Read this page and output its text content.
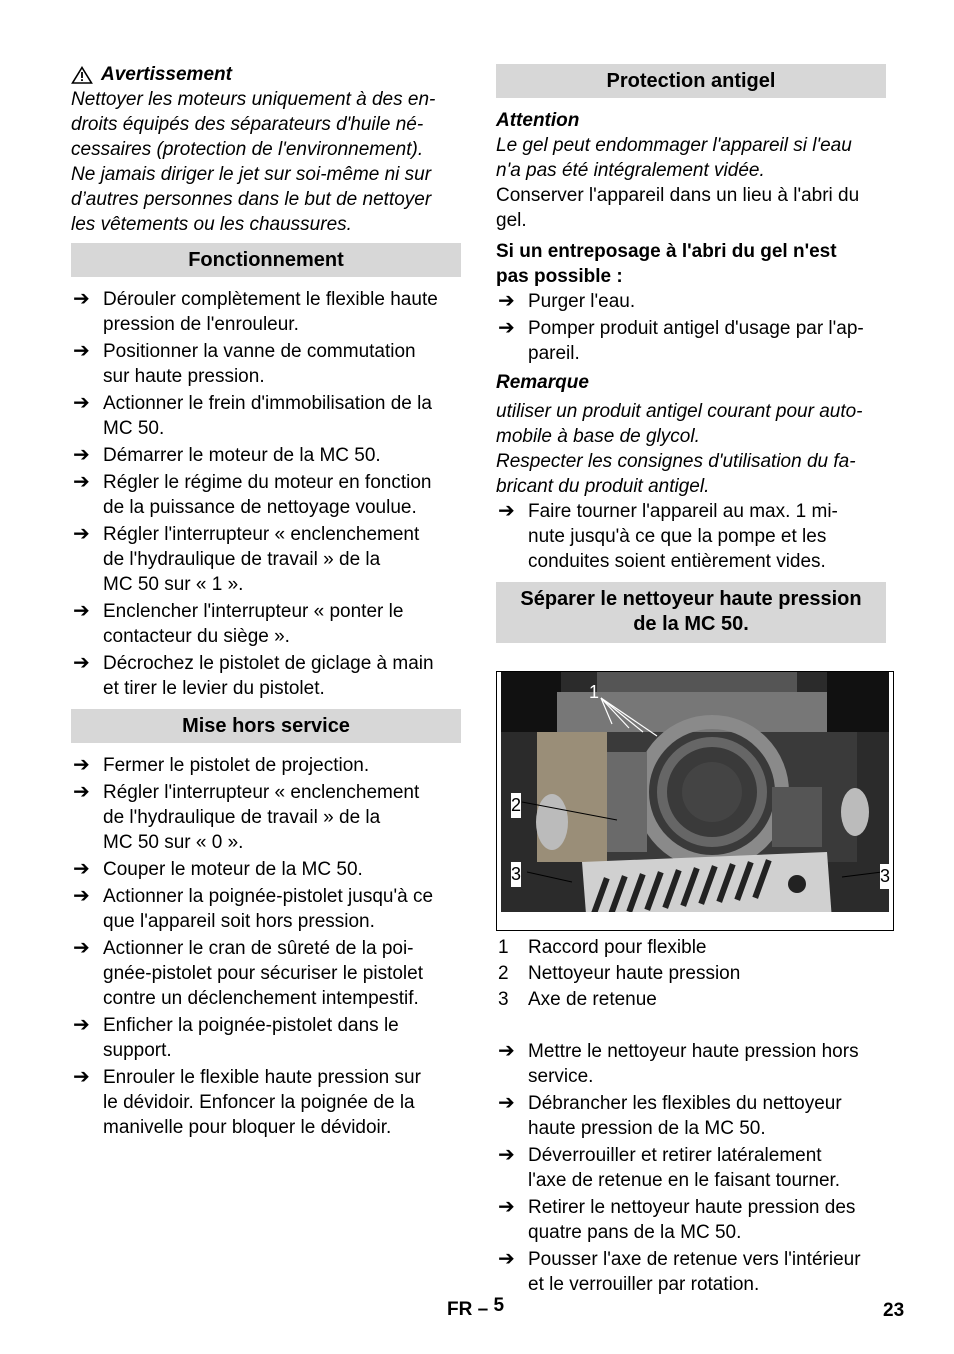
Avertissement
Nettoyer les moteurs uniquement à des en-
droits équipés des séparateurs d'huile né-
cessaires (protection de l'environnement).
Ne jamais diriger le jet sur soi-même ni sur
d’autres personnes dans le but de nettoyer
les vêtements ou les chaussures.
Fonctionnement
➔ Dérouler complètement le flexible haute
pression de l'enrouleur.
➔ Positionner la vanne de commutation
sur haute pression.
➔ Actionner le frein d'immobilisation de la
MC 50.
➔ Démarrer le moteur de la MC 50.
➔ Régler le régime du moteur en fonction
de la puissance de nettoyage voulue.
➔ Régler l'interrupteur « enclenchement
de l'hydraulique de travail » de la
MC 50 sur « 1 ».
➔ Enclencher l'interrupteur « ponter le
contacteur du siège ».
➔ Décrochez le pistolet de giclage à main
et tirer le levier du pistolet.
Mise hors service
➔ Fermer le pistolet de projection.
➔ Régler l'interrupteur « enclenchement
de l'hydraulique de travail » de la
MC 50 sur « 0 ».
➔ Couper le moteur de la MC 50.
➔ Actionner la poignée-pistolet jusqu'à ce
que l'appareil soit hors pression.
➔ Actionner le cran de sûreté de la poi-
gnée-pistolet pour sécuriser le pistolet
contre un déclenchement intempestif.
➔ Enficher la poignée-pistolet dans le
support.
➔ Enrouler le flexible haute pression sur
le dévidoir. Enfoncer la poignée de la
manivelle pour bloquer le dévidoir.
Protection antigel
Attention
Le gel peut endommager l'appareil si l'eau
n'a pas été intégralement vidée.
Conserver l'appareil dans un lieu à l'abri du
gel.
Si un entreposage à l'abri du gel n'est
pas possible :
➔ Purger l'eau.
➔ Pomper produit antigel d'usage par l'ap-
pareil.
Remarque
utiliser un produit antigel courant pour auto-
mobile à base de glycol.
Respecter les consignes d'utilisation du fa-
bricant du produit antigel.
➔ Faire tourner l'appareil au max. 1 mi-
nute jusqu'à ce que la pompe et les
conduites soient entièrement vides.
Séparer le nettoyeur haute pression
de la MC 50.
1
2
3	3
1 Raccord pour flexible
2 Nettoyeur haute pression
3 Axe de retenue
➔ Mettre le nettoyeur haute pression hors
service.
➔ Débrancher les flexibles du nettoyeur
haute pression de la MC 50.
➔ Déverrouiller et retirer latéralement
l'axe de retenue en le faisant tourner.
➔ Retirer le nettoyeur haute pression des
quatre pans de la MC 50.
➔ Pousser l'axe de retenue vers l'intérieur
et le verrouiller par rotation.
FR – 5	23
